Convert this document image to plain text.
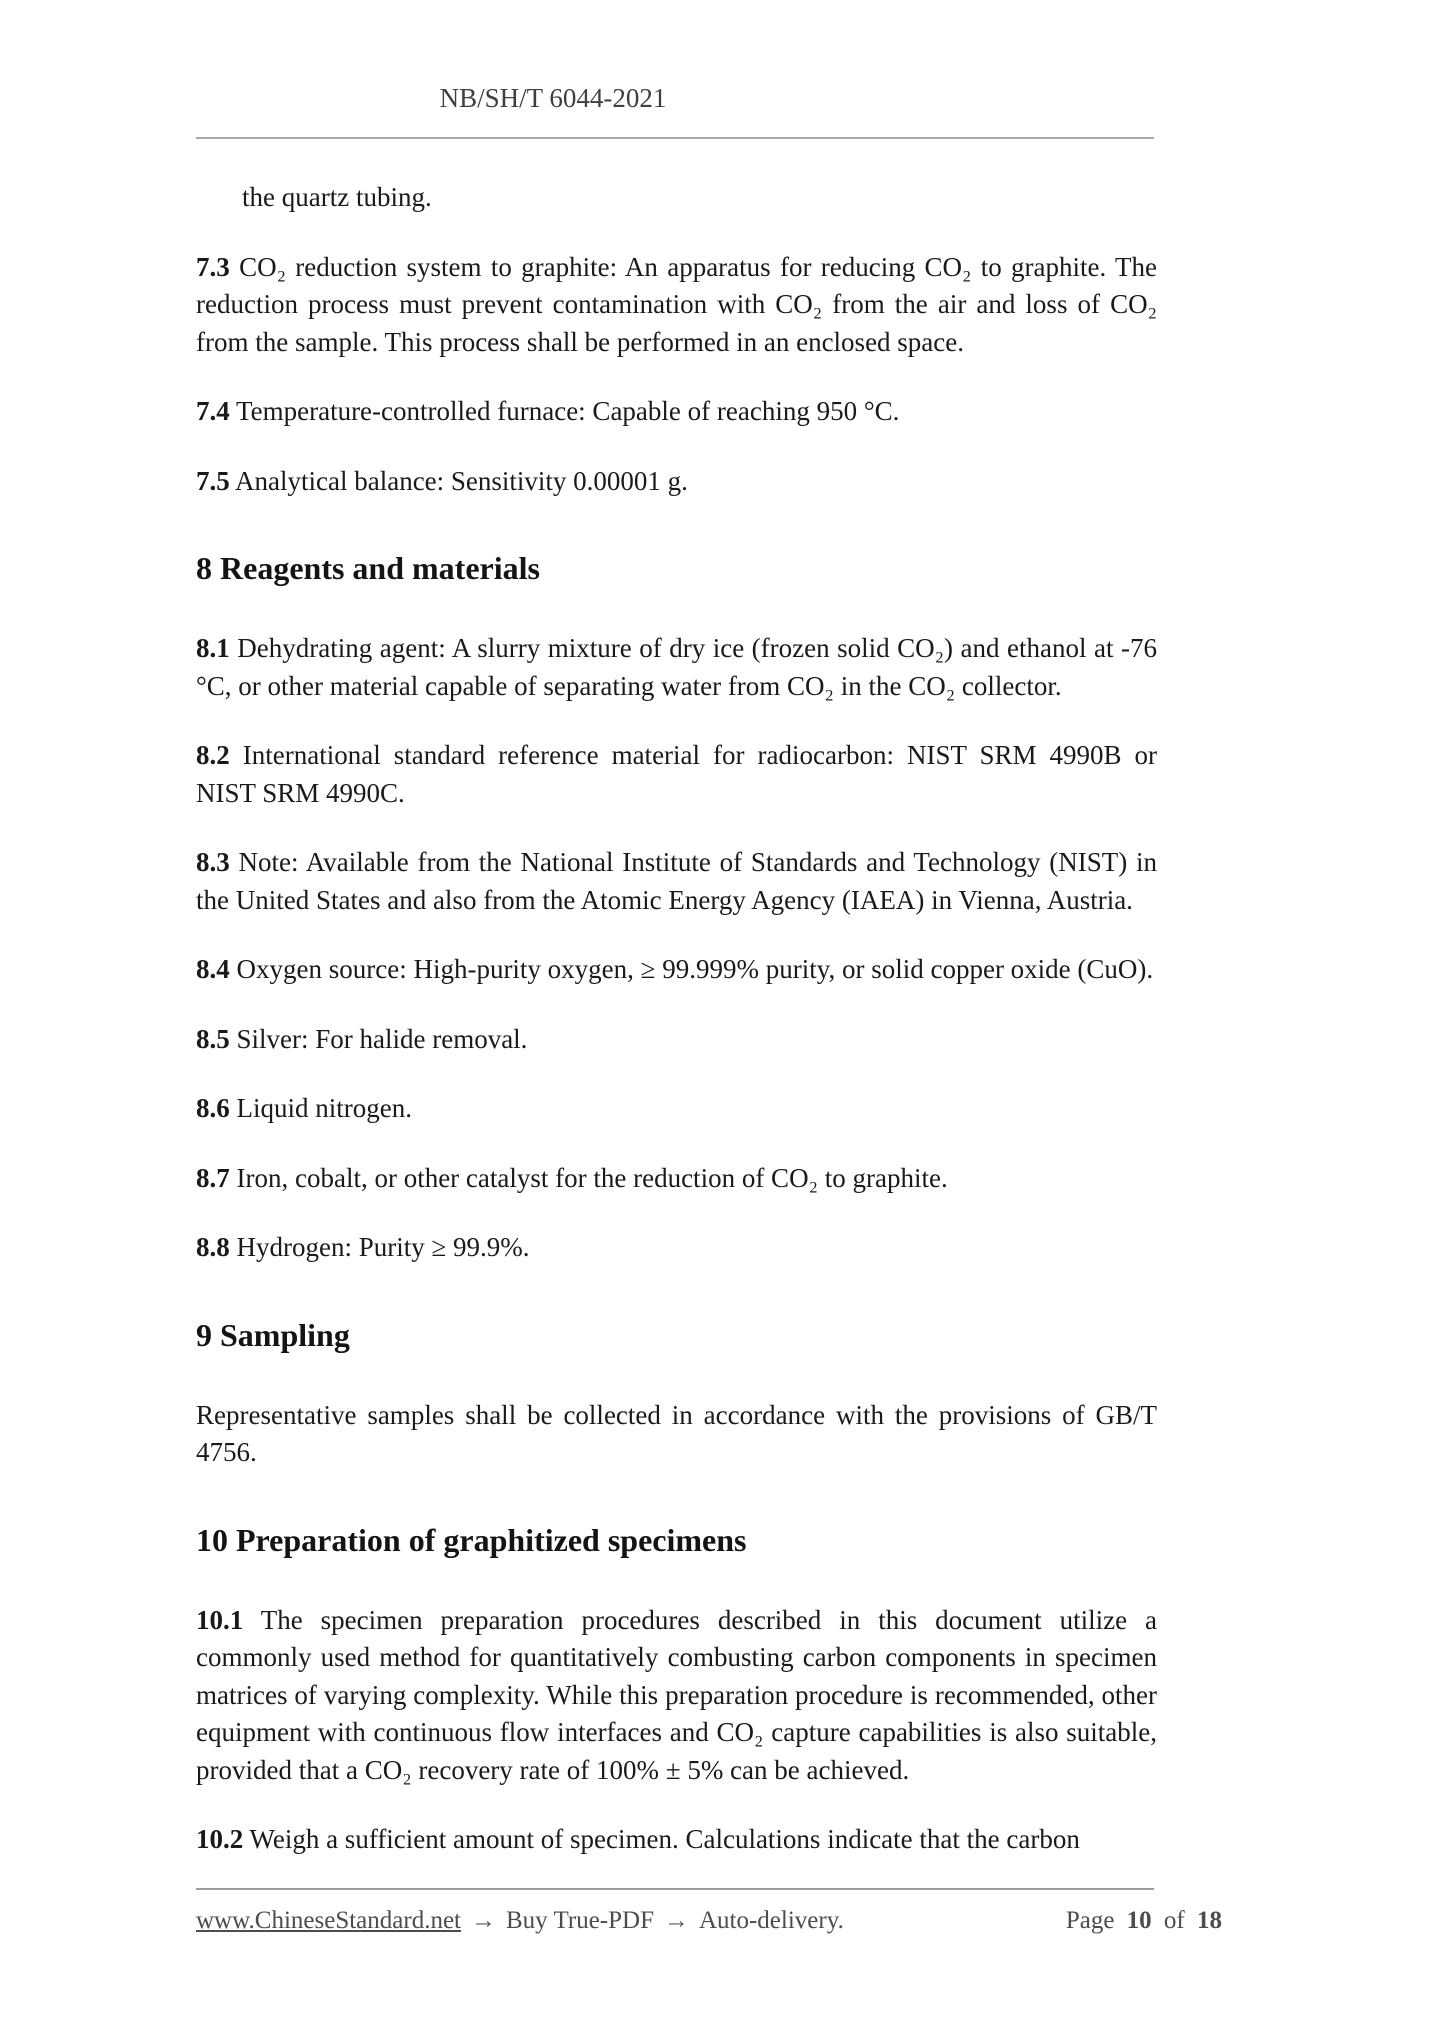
NB/SH/T 6044-2021

the quartz tubing.

7.3 CO₂ reduction system to graphite: An apparatus for reducing CO₂ to graphite. The reduction process must prevent contamination with CO₂ from the air and loss of CO₂ from the sample. This process shall be performed in an enclosed space.

7.4 Temperature-controlled furnace: Capable of reaching 950 °C.

7.5 Analytical balance: Sensitivity 0.00001 g.

8 Reagents and materials

8.1 Dehydrating agent: A slurry mixture of dry ice (frozen solid CO₂) and ethanol at -76 °C, or other material capable of separating water from CO₂ in the CO₂ collector.

8.2 International standard reference material for radiocarbon: NIST SRM 4990B or NIST SRM 4990C.

8.3 Note: Available from the National Institute of Standards and Technology (NIST) in the United States and also from the Atomic Energy Agency (IAEA) in Vienna, Austria.

8.4 Oxygen source: High-purity oxygen, ≥ 99.999% purity, or solid copper oxide (CuO).

8.5 Silver: For halide removal.

8.6 Liquid nitrogen.

8.7 Iron, cobalt, or other catalyst for the reduction of CO₂ to graphite.

8.8 Hydrogen: Purity ≥ 99.9%.

9 Sampling

Representative samples shall be collected in accordance with the provisions of GB/T 4756.

10 Preparation of graphitized specimens

10.1 The specimen preparation procedures described in this document utilize a commonly used method for quantitatively combusting carbon components in specimen matrices of varying complexity. While this preparation procedure is recommended, other equipment with continuous flow interfaces and CO₂ capture capabilities is also suitable, provided that a CO₂ recovery rate of 100% ± 5% can be achieved.

10.2 Weigh a sufficient amount of specimen. Calculations indicate that the carbon

www.ChineseStandard.net → Buy True-PDF → Auto-delivery.	Page 10 of 18
